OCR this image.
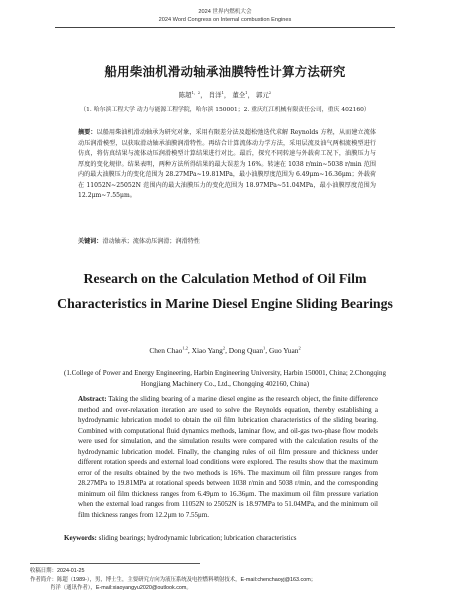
2024 世界内燃机大会
2024 Word Congress on Internal combustion Engines
船用柴油机滑动轴承油膜特性计算方法研究
陈超$^{1,2}$， 肖洋$^1$， 董全$^1$， 郭元$^2$
（1. 哈尔滨工程大学 动力与能源工程学院，哈尔滨 150001；2. 重庆红江机械有限责任公司，重庆 402160）
摘要：以船用柴油机滑动轴承为研究对象，采用有限差分法及超松弛迭代求解 Reynolds 方程，从而建立流体动压润滑模型，以获取滑动轴承油膜润滑特性。再结合计算流体动力学方法，采用层流及油气两相流模型进行仿真，将仿真结果与流体动压润滑模型计算结果进行对比。最后，探究不同转速与外载荷工况下，油膜压力与厚度的变化规律。结果表明，两种方法所得结果的最大误差为 16%。转速在 1038 r/min~5038 r/min 范围内的最大油膜压力的变化范围为 28.27MPa~19.81MPa，最小油膜厚度范围为 6.49μm~16.36μm；外载荷在 11052N~25052N 范围内的最大油膜压力的变化范围为 18.97MPa~51.04MPa，最小油膜厚度范围为 12.2μm~7.55μm。
关键词：滑动轴承；流体动压润滑；润滑特性
Research on the Calculation Method of Oil Film Characteristics in Marine Diesel Engine Sliding Bearings
Chen Chao$^{1,2}$, Xiao Yang$^2$, Dong Quan$^1$, Guo Yuan$^2$
(1.College of Power and Energy Engineering, Harbin Engineering University, Harbin 150001, China; 2.Chongqing Hongjiang Machinery Co., Ltd., Chongqing 402160, China)
Abstract: Taking the sliding bearing of a marine diesel engine as the research object, the finite difference method and over-relaxation iteration are used to solve the Reynolds equation, thereby establishing a hydrodynamic lubrication model to obtain the oil film lubrication characteristics of the sliding bearing. Combined with computational fluid dynamics methods, laminar flow, and oil-gas two-phase flow models were used for simulation, and the simulation results were compared with the calculation results of the hydrodynamic lubrication model. Finally, the changing rules of oil film pressure and thickness under different rotation speeds and external load conditions were explored. The results show that the maximum error of the results obtained by the two methods is 16%. The maximum oil film pressure ranges from 28.27MPa to 19.81MPa at rotational speeds between 1038 r/min and 5038 r/min, and the corresponding minimum oil film thickness ranges from 6.49μm to 16.36μm. The maximum oil film pressure variation when the external load ranges from 11052N to 25052N is 18.97MPa to 51.04MPa, and the minimum oil film thickness ranges from 12.2μm to 7.55μm.
Keywords: sliding bearings; hydrodynamic lubrication; lubrication characteristics
收稿日期：2024-01-25
作者简介：陈超（1989-），男，博士生，主要研究方向为液压系统及电控燃料喷射技术，E-mail:chenchaoyj@163.com；
肖洋（通讯作者），E-mail:xiaoyangyu2020@outlook.com。
